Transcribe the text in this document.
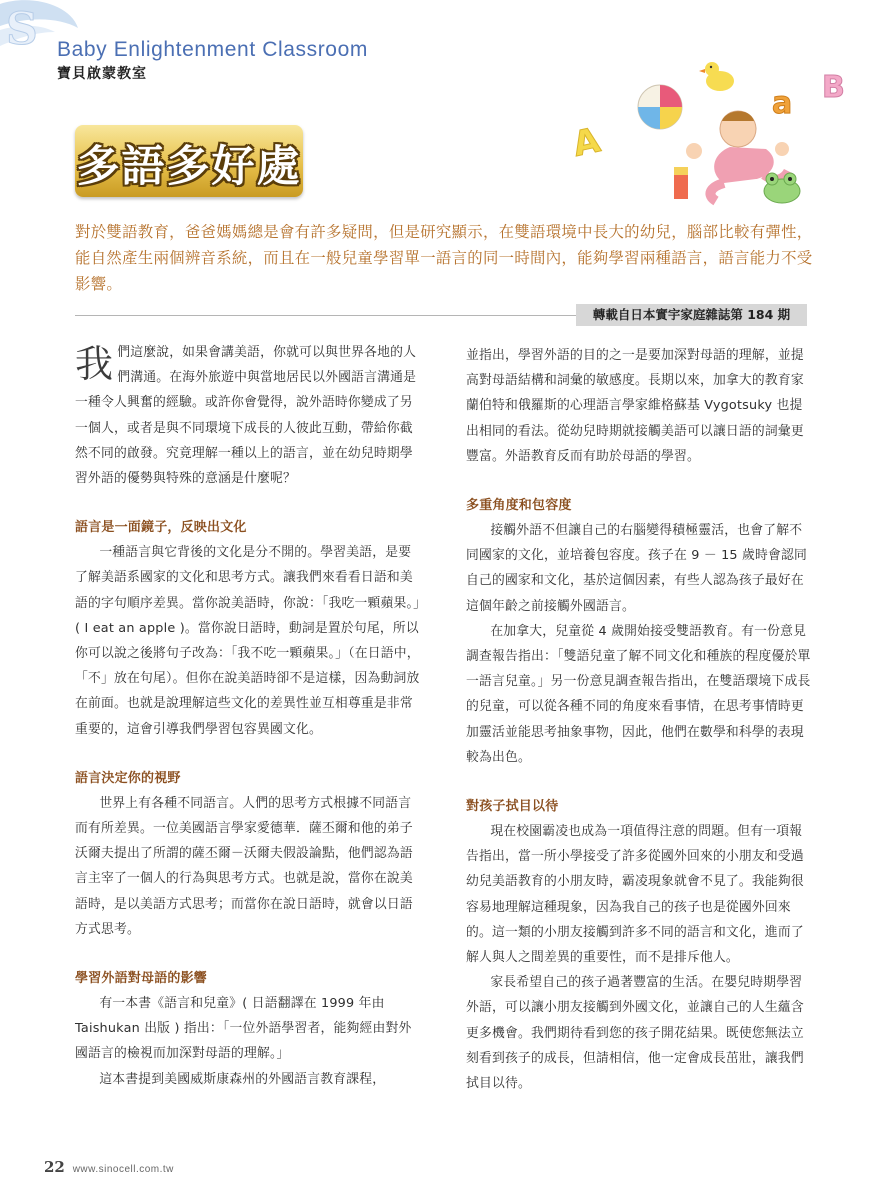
S Baby Enlightenment Classroom
寶貝啟蒙教室
多語多好處	A
a B
對於雙語教育，爸爸媽媽總是會有許多疑問，但是研究顯示，在雙語環境中長大的幼兒，腦部比較有彈性，能自然產生兩個辨音系統，而且在一般兒童學習單一語言的同一時間內，能夠學習兩種語言，語言能力不受影響。
轉載自日本實宇家庭雜誌第 184 期

我們這麼說，如果會講美語，你就可以與世界各地的人們溝通。在海外旅遊中與當地居民以外國語言溝通是一種令人興奮的經驗。或許你會覺得，說外語時你變成了另一個人，或者是與不同環境下成長的人彼此互動，帶給你截然不同的啟發。究竟理解一種以上的語言，並在幼兒時期學習外語的優勢與特殊的意涵是什麼呢？

語言是一面鏡子，反映出文化

一種語言與它背後的文化是分不開的。學習美語，是要了解美語系國家的文化和思考方式。讓我們來看看日語和美語的字句順序差異。當你說美語時，你說：「我吃一顆蘋果。」( I eat an apple )。當你說日語時，動詞是置於句尾，所以你可以說之後將句子改為：「我不吃一顆蘋果。」（在日語中，「不」放在句尾）。但你在說美語時卻不是這樣，因為動詞放在前面。也就是說理解這些文化的差異性並互相尊重是非常重要的，這會引導我們學習包容異國文化。

語言決定你的視野

世界上有各種不同語言。人們的思考方式根據不同語言而有所差異。一位美國語言學家愛德華．薩丕爾和他的弟子沃爾夫提出了所謂的薩丕爾－沃爾夫假設論點，他們認為語言主宰了一個人的行為與思考方式。也就是說，當你在說美語時，是以美語方式思考；而當你在說日語時，就會以日語方式思考。

學習外語對母語的影響

有一本書《語言和兒童》( 日語翻譯在 1999 年由 Taishukan 出版 ) 指出：「一位外語學習者，能夠經由對外國語言的檢視而加深對母語的理解。」

這本書提到美國威斯康森州的外國語言教育課程，

並指出，學習外語的目的之一是要加深對母語的理解，並提高對母語結構和詞彙的敏感度。長期以來，加拿大的教育家蘭伯特和俄羅斯的心理語言學家維格蘇基 Vygotsuky 也提出相同的看法。從幼兒時期就接觸美語可以讓日語的詞彙更豐富。外語教育反而有助於母語的學習。

多重角度和包容度

接觸外語不但讓自己的右腦變得積極靈活，也會了解不同國家的文化，並培養包容度。孩子在 9 － 15 歲時會認同自己的國家和文化，基於這個因素，有些人認為孩子最好在這個年齡之前接觸外國語言。

在加拿大，兒童從 4 歲開始接受雙語教育。有一份意見調查報告指出：「雙語兒童了解不同文化和種族的程度優於單一語言兒童。」另一份意見調查報告指出，在雙語環境下成長的兒童，可以從各種不同的角度來看事情，在思考事情時更加靈活並能思考抽象事物，因此，他們在數學和科學的表現較為出色。

對孩子拭目以待

現在校園霸凌也成為一項值得注意的問題。但有一項報告指出，當一所小學接受了許多從國外回來的小朋友和受過幼兒美語教育的小朋友時，霸凌現象就會不見了。我能夠很容易地理解這種現象，因為我自己的孩子也是從國外回來的。這一類的小朋友接觸到許多不同的語言和文化，進而了解人與人之間差異的重要性，而不是排斥他人。

家長希望自己的孩子過著豐富的生活。在嬰兒時期學習外語，可以讓小朋友接觸到外國文化，並讓自己的人生蘊含更多機會。我們期待看到您的孩子開花結果。既使您無法立刻看到孩子的成長，但請相信，他一定會成長茁壯，讓我們拭目以待。

22 www.sinocell.com.tw
